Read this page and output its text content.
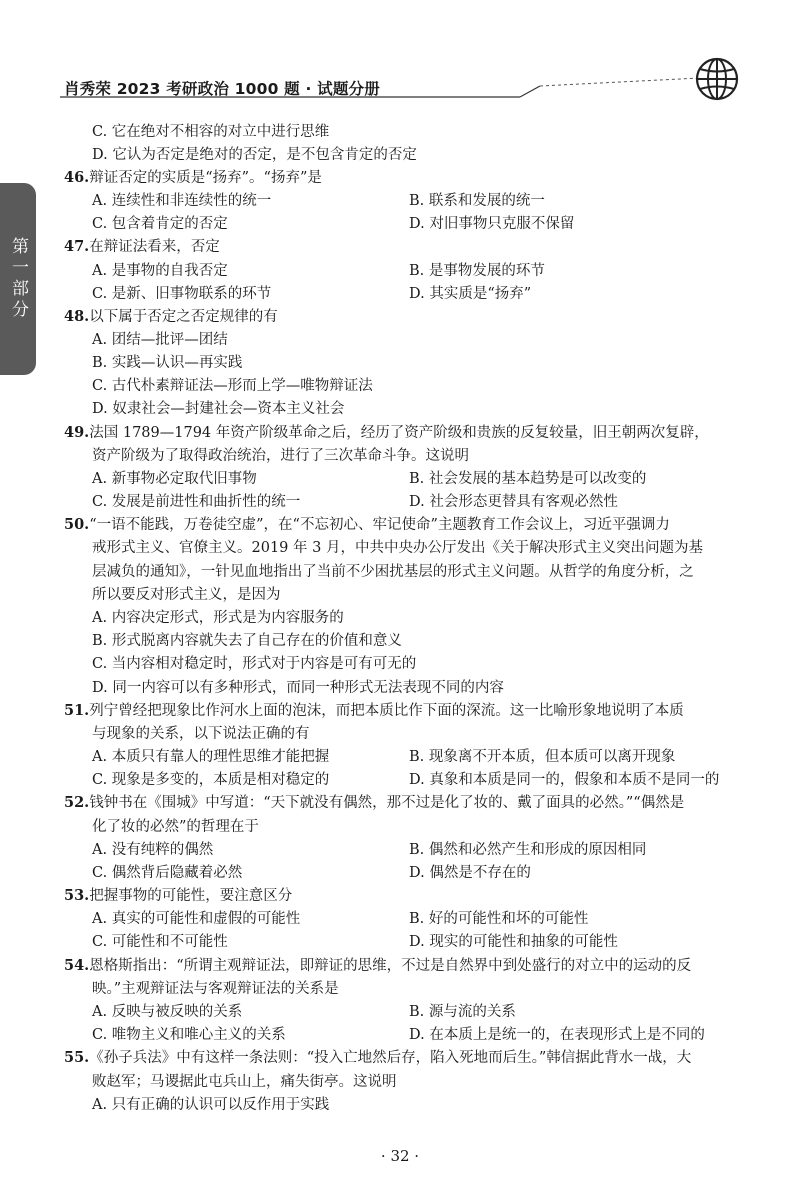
肖秀荣 2023 考研政治 1000 题 · 试题分册
第一部分
C. 它在绝对不相容的对立中进行思维
D. 它认为否定是绝对的否定，是不包含肯定的否定
46.辩证否定的实质是“扬弃”。“扬弃”是
A. 连续性和非连续性的统一	B. 联系和发展的统一
C. 包含着肯定的否定	D. 对旧事物只克服不保留
47.在辩证法看来，否定
A. 是事物的自我否定	B. 是事物发展的环节
C. 是新、旧事物联系的环节	D. 其实质是“扬弃”
48.以下属于否定之否定规律的有
A. 团结—批评—团结
B. 实践—认识—再实践
C. 古代朴素辩证法—形而上学—唯物辩证法
D. 奴隶社会—封建社会—资本主义社会
49.法国 1789—1794 年资产阶级革命之后，经历了资产阶级和贵族的反复较量，旧王朝两次复辟，
资产阶级为了取得政治统治，进行了三次革命斗争。这说明
A. 新事物必定取代旧事物	B. 社会发展的基本趋势是可以改变的
C. 发展是前进性和曲折性的统一	D. 社会形态更替具有客观必然性
50.“一语不能践，万卷徒空虚”，在“不忘初心、牢记使命”主题教育工作会议上，习近平强调力
戒形式主义、官僚主义。2019 年 3 月，中共中央办公厅发出《关于解决形式主义突出问题为基
层减负的通知》，一针见血地指出了当前不少困扰基层的形式主义问题。从哲学的角度分析，之
所以要反对形式主义，是因为
A. 内容决定形式，形式是为内容服务的
B. 形式脱离内容就失去了自己存在的价值和意义
C. 当内容相对稳定时，形式对于内容是可有可无的
D. 同一内容可以有多种形式，而同一种形式无法表现不同的内容
51.列宁曾经把现象比作河水上面的泡沫，而把本质比作下面的深流。这一比喻形象地说明了本质
与现象的关系，以下说法正确的有
A. 本质只有靠人的理性思维才能把握	B. 现象离不开本质，但本质可以离开现象
C. 现象是多变的，本质是相对稳定的	D. 真象和本质是同一的，假象和本质不是同一的
52.钱钟书在《围城》中写道：“天下就没有偶然，那不过是化了妆的、戴了面具的必然。”“偶然是
化了妆的必然”的哲理在于
A. 没有纯粹的偶然	B. 偶然和必然产生和形成的原因相同
C. 偶然背后隐藏着必然	D. 偶然是不存在的
53.把握事物的可能性，要注意区分
A. 真实的可能性和虚假的可能性	B. 好的可能性和坏的可能性
C. 可能性和不可能性	D. 现实的可能性和抽象的可能性
54.恩格斯指出：“所谓主观辩证法，即辩证的思维，不过是自然界中到处盛行的对立中的运动的反
映。”主观辩证法与客观辩证法的关系是
A. 反映与被反映的关系	B. 源与流的关系
C. 唯物主义和唯心主义的关系	D. 在本质上是统一的，在表现形式上是不同的
55.《孙子兵法》中有这样一条法则：“投入亡地然后存，陷入死地而后生。”韩信据此背水一战，大
败赵军；马谡据此屯兵山上，痛失街亭。这说明
A. 只有正确的认识可以反作用于实践
· 32 ·
